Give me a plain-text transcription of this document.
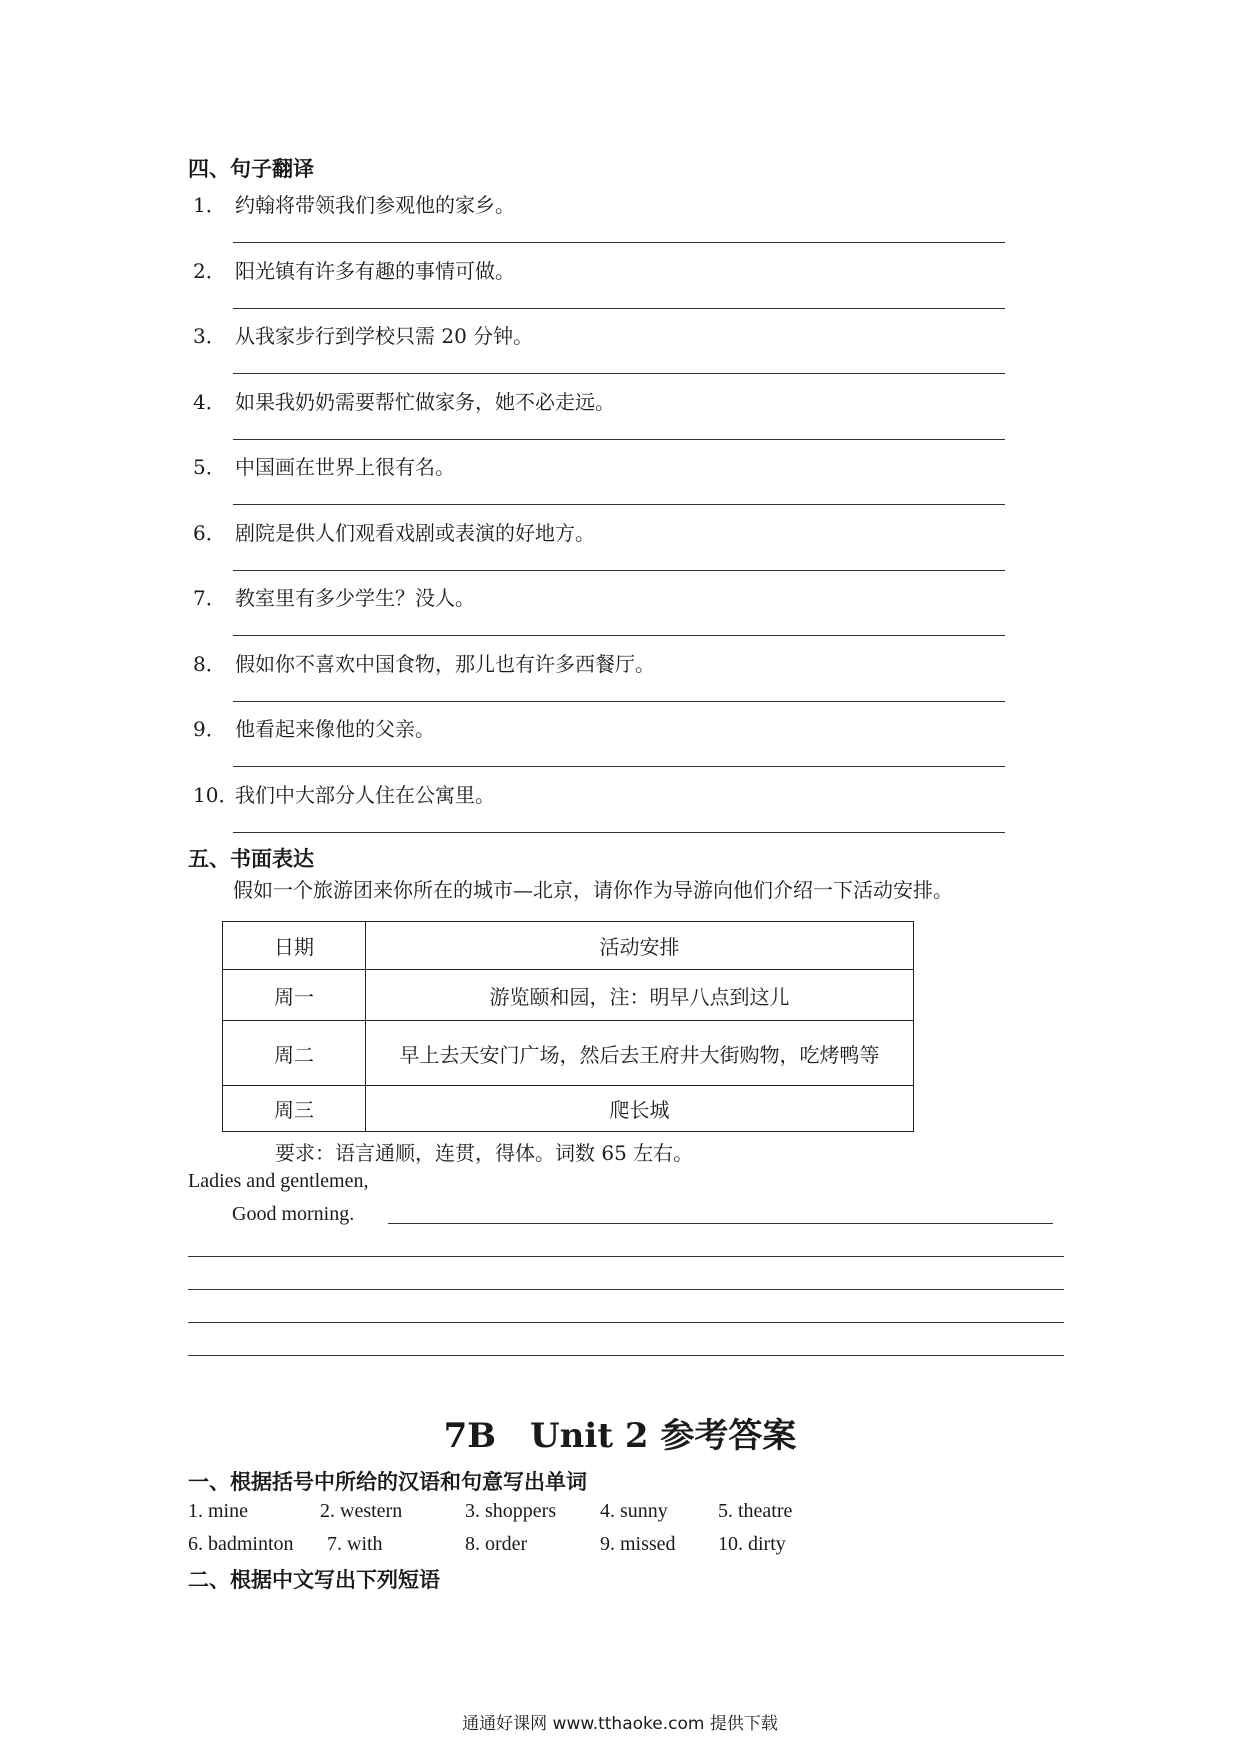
四、句子翻译
1． 约翰将带领我们参观他的家乡。
2． 阳光镇有许多有趣的事情可做。
3． 从我家步行到学校只需 20 分钟。
4． 如果我奶奶需要帮忙做家务，她不必走远。
5． 中国画在世界上很有名。
6． 剧院是供人们观看戏剧或表演的好地方。
7． 教室里有多少学生？没人。
8． 假如你不喜欢中国食物，那儿也有许多西餐厅。
9． 他看起来像他的父亲。
10．我们中大部分人住在公寓里。
五、书面表达
假如一个旅游团来你所在的城市—北京，请你作为导游向他们介绍一下活动安排。
日期	活动安排
周一	游览颐和园，注：明早八点到这儿
周二	早上去天安门广场，然后去王府井大街购物，吃烤鸭等
周三	爬长城
要求：语言通顺，连贯，得体。词数 65 左右。
Ladies and gentlemen,
Good morning.
7B　Unit 2 参考答案
一、根据括号中所给的汉语和句意写出单词
1. mine	2. western	3. shoppers 4. sunny	5. theatre
6. badminton 7. with	8. order	9. missed 10. dirty
二、根据中文写出下列短语
通通好课网 www.tthaoke.com 提供下载
